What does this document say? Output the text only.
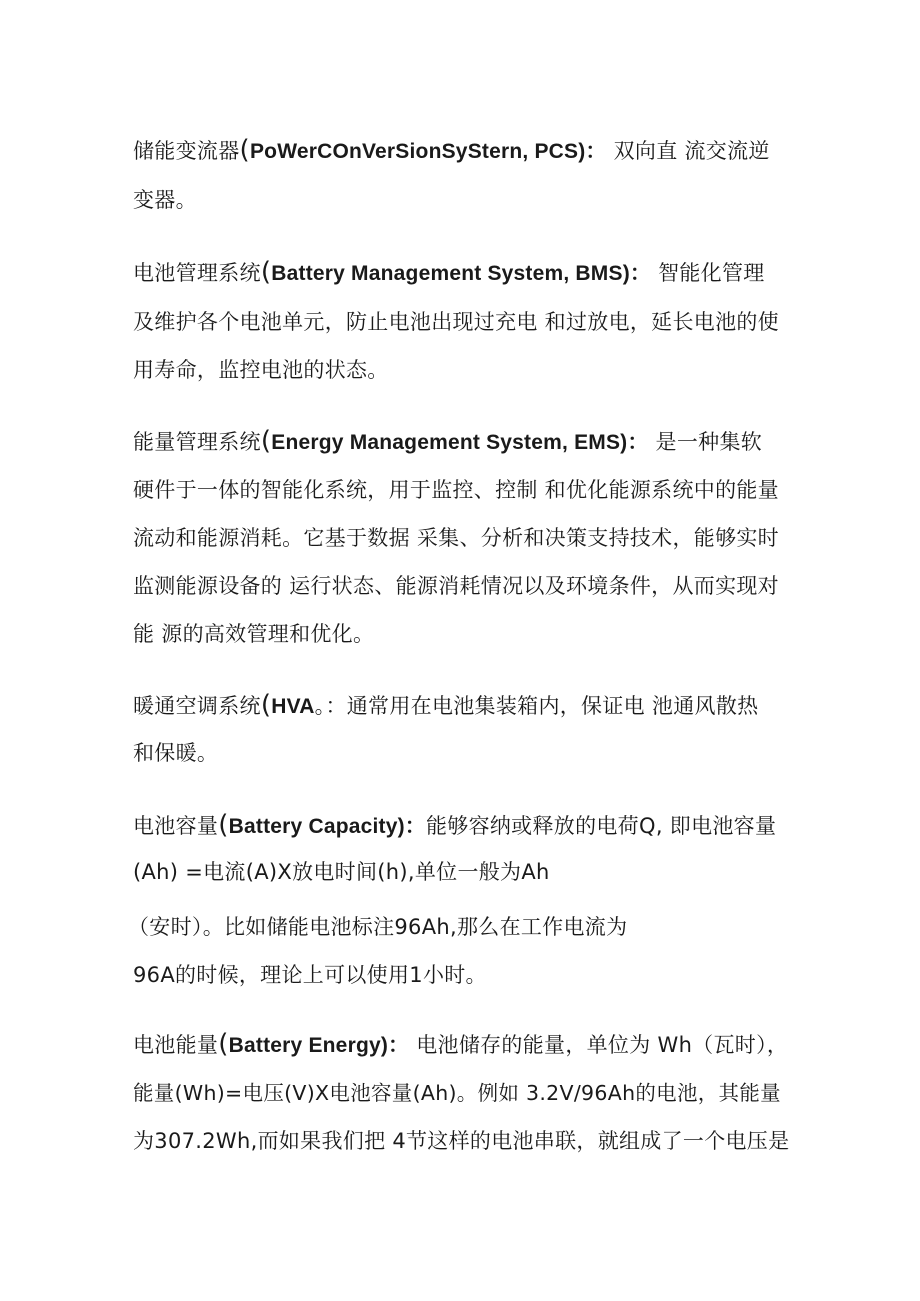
储能变流器(PoWerCOnVerSionSyStern, PCS)： 双向直 流交流逆
变器。
电池管理系统(Battery Management System, BMS)： 智能化管理
及维护各个电池单元，防止电池出现过充电 和过放电，延长电池的使
用寿命，监控电池的状态。
能量管理系统(Energy Management System, EMS)： 是一种集软
硬件于一体的智能化系统，用于监控、控制 和优化能源系统中的能量
流动和能源消耗。它基于数据 采集、分析和决策支持技术，能够实时
监测能源设备的 运行状态、能源消耗情况以及环境条件，从而实现对
能 源的高效管理和优化。
暖通空调系统(HVA。：通常用在电池集装箱内，保证电 池通风散热
和保暖。
电池容量(Battery Capacity)：能够容纳或释放的电荷Q, 即电池容量
(Ah) =电流(A)X放电时间(h),单位一般为Ah
（安时）。比如储能电池标注96Ah,那么在工作电流为
96A的时候，理论上可以使用1小时。
电池能量(Battery Energy)： 电池储存的能量，单位为 Wh（瓦时），
能量(Wh)=电压(V)X电池容量(Ah)。例如 3.2V/96Ah的电池，其能量
为307.2Wh,而如果我们把 4节这样的电池串联，就组成了一个电压是
